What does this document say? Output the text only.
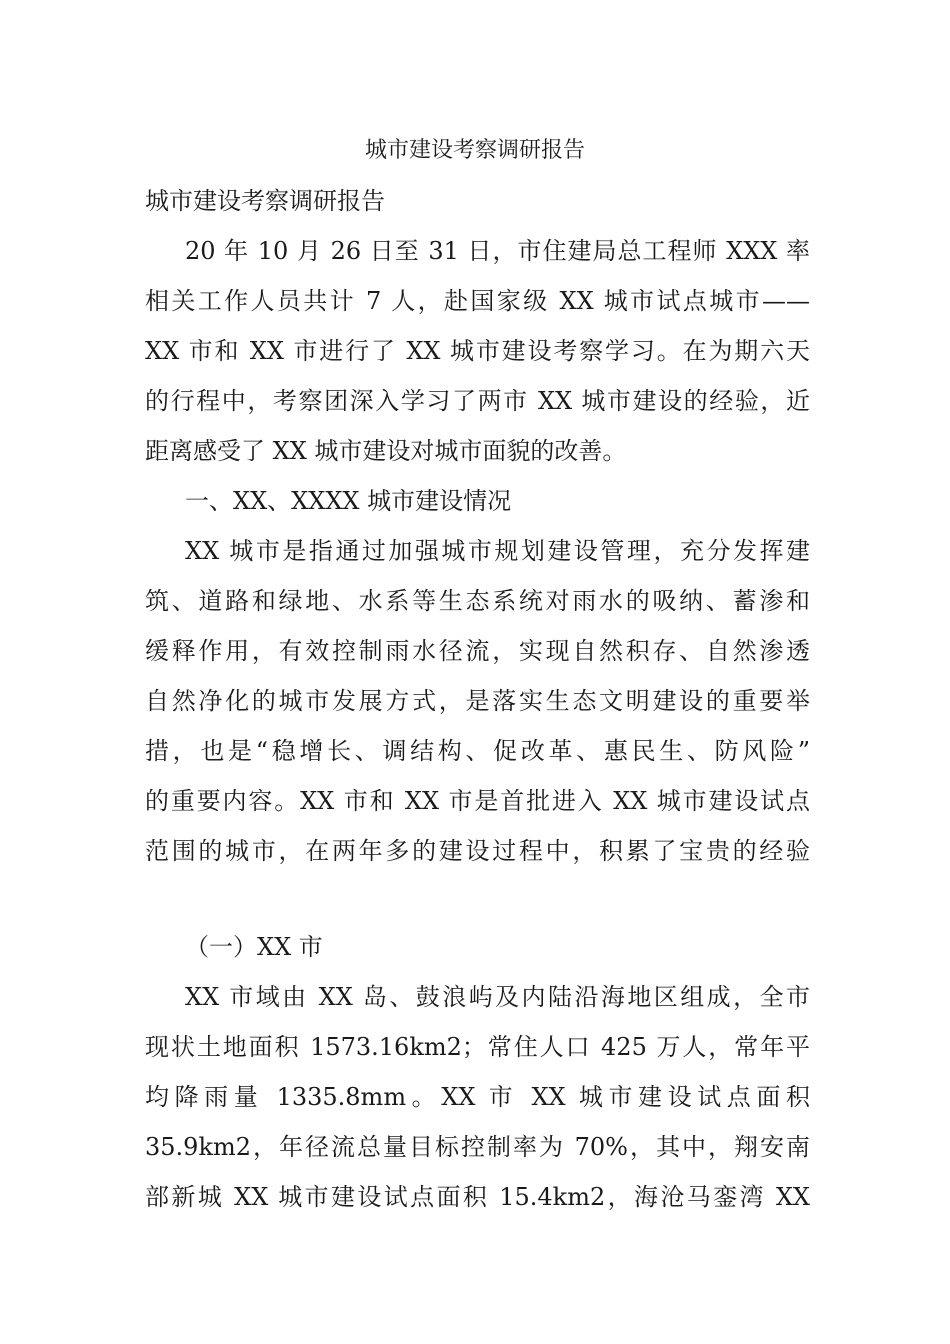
城市建设考察调研报告
城市建设考察调研报告
20 年 10 月 26 日至 31 日，市住建局总工程师 XXX 率
相关工作人员共计 7 人，赴国家级 XX 城市试点城市——
XX 市和 XX 市进行了 XX 城市建设考察学习。在为期六天
的行程中，考察团深入学习了两市 XX 城市建设的经验，近
距离感受了 XX 城市建设对城市面貌的改善。
一、XX、XXXX 城市建设情况
XX 城市是指通过加强城市规划建设管理，充分发挥建
筑、道路和绿地、水系等生态系统对雨水的吸纳、蓄渗和
缓释作用，有效控制雨水径流，实现自然积存、自然渗透
自然净化的城市发展方式，是落实生态文明建设的重要举
措，也是“稳增长、调结构、促改革、惠民生、防风险”
的重要内容。XX 市和 XX 市是首批进入 XX 城市建设试点
范围的城市，在两年多的建设过程中，积累了宝贵的经验
（一）XX 市
XX 市域由 XX 岛、鼓浪屿及内陆沿海地区组成，全市
现状土地面积 1573.16km2；常住人口 425 万人，常年平
均降雨量 1335.8mm。XX 市 XX 城市建设试点面积
35.9km2，年径流总量目标控制率为 70%，其中，翔安南
部新城 XX 城市建设试点面积 15.4km2，海沧马銮湾 XX
